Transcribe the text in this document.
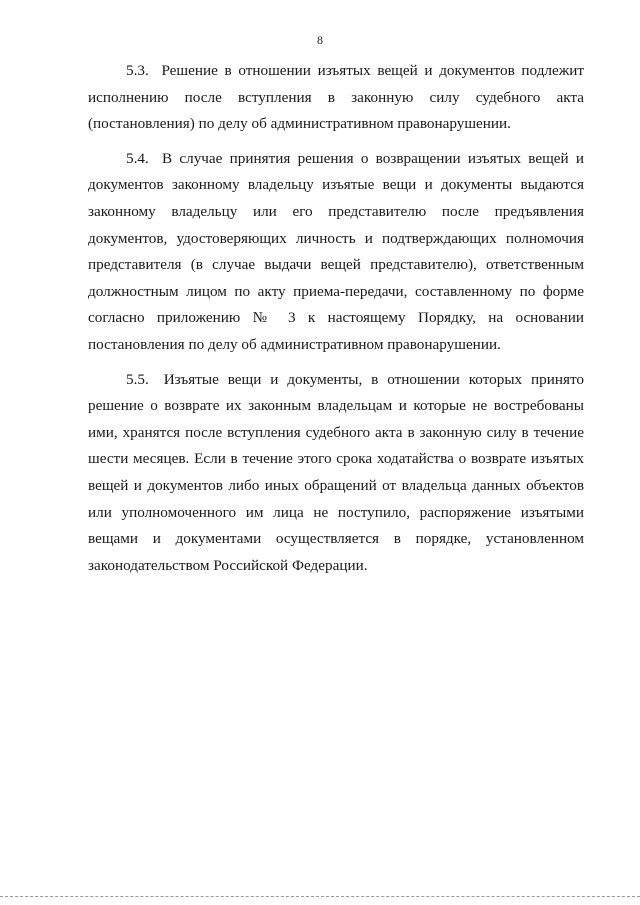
8

5.3. Решение в отношении изъятых вещей и документов подлежит исполнению после вступления в законную силу судебного акта (постановления) по делу об административном правонарушении.

5.4. В случае принятия решения о возвращении изъятых вещей и документов законному владельцу изъятые вещи и документы выдаются законному владельцу или его представителю после предъявления документов, удостоверяющих личность и подтверждающих полномочия представителя (в случае выдачи вещей представителю), ответственным должностным лицом по акту приема-передачи, составленному по форме согласно приложению № 3 к настоящему Порядку, на основании постановления по делу об административном правонарушении.

5.5. Изъятые вещи и документы, в отношении которых принято решение о возврате их законным владельцам и которые не востребованы ими, хранятся после вступления судебного акта в законную силу в течение шести месяцев. Если в течение этого срока ходатайства о возврате изъятых вещей и документов либо иных обращений от владельца данных объектов или уполномоченного им лица не поступило, распоряжение изъятыми вещами и документами осуществляется в порядке, установленном законодательством Российской Федерации.
